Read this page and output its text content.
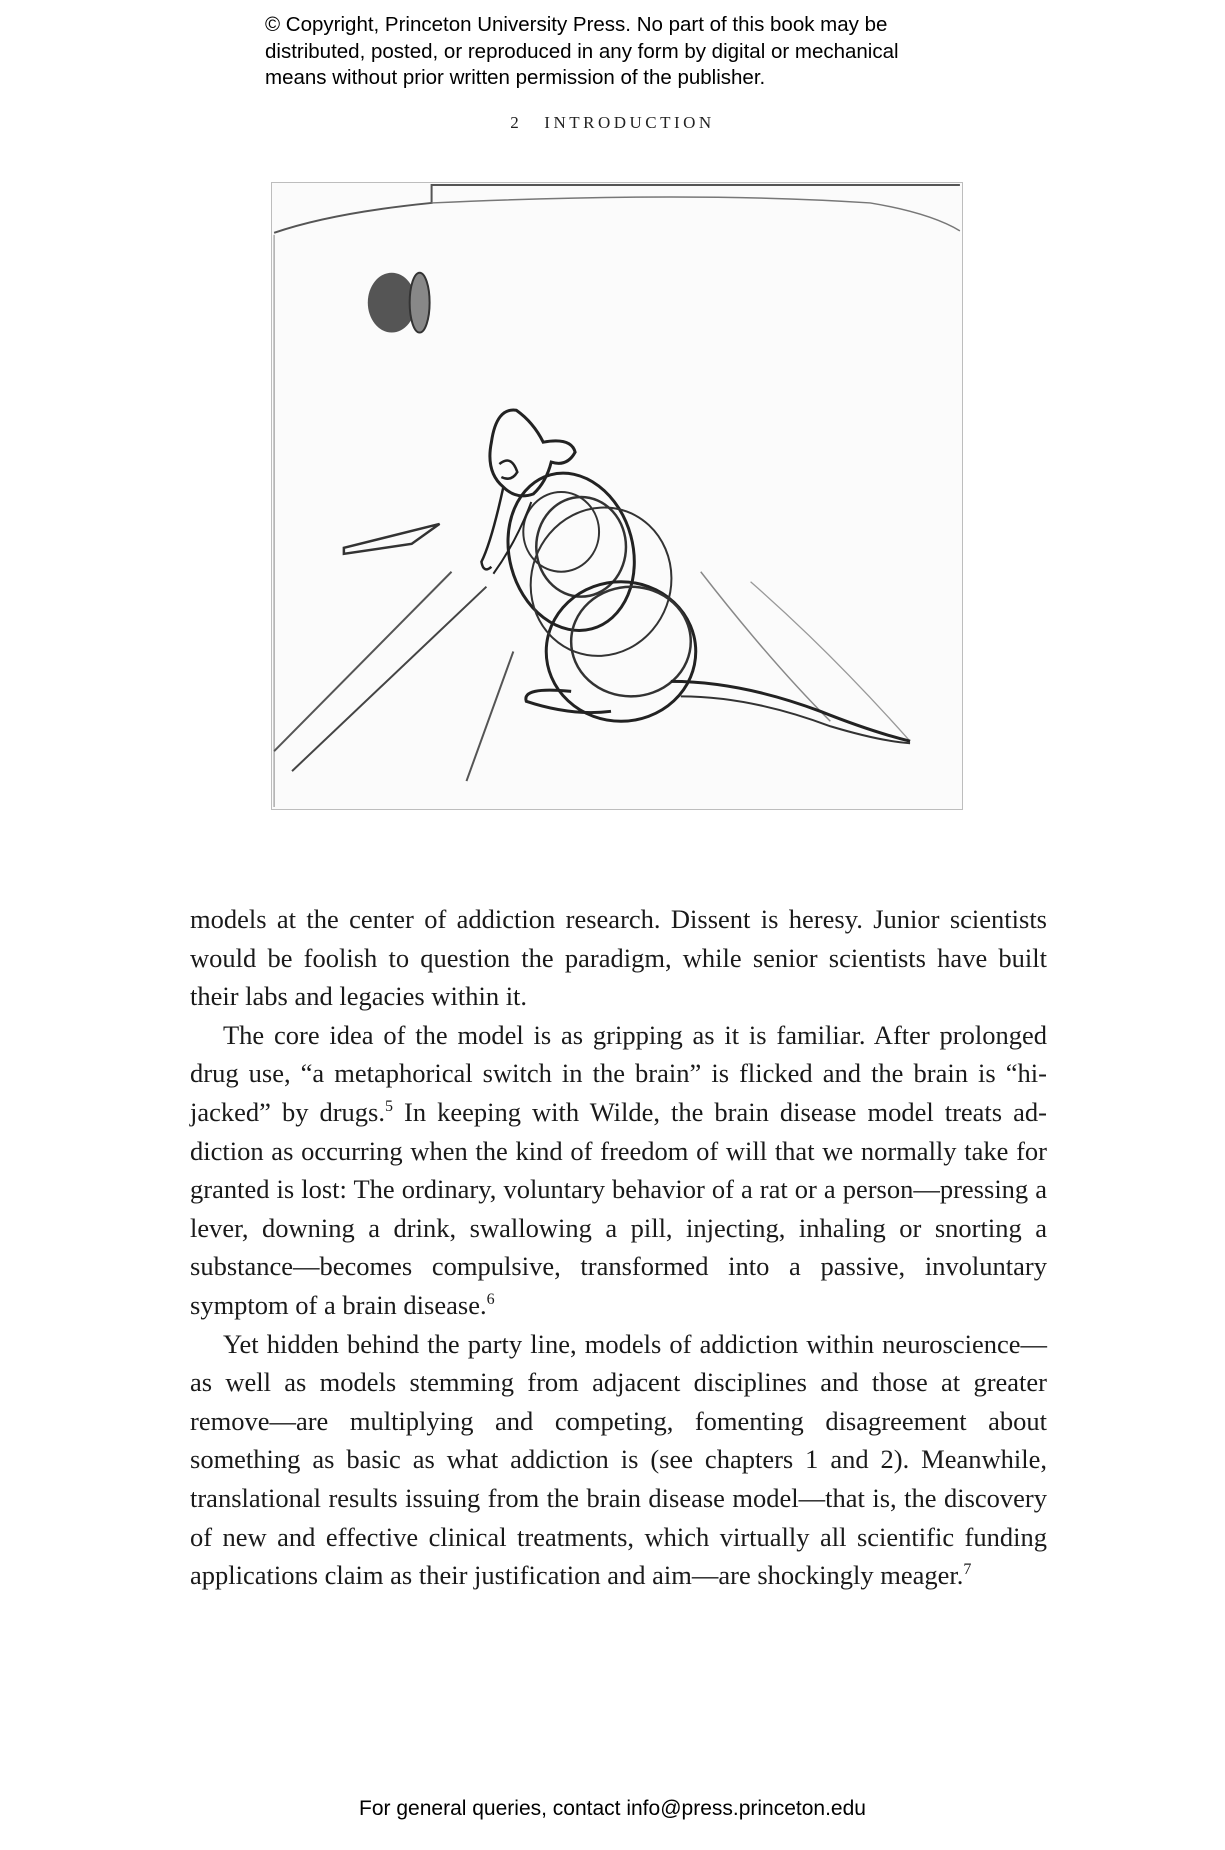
© Copyright, Princeton University Press. No part of this book may be
distributed, posted, or reproduced in any form by digital or mechanical
means without prior written permission of the publisher.
2 INTRODUCTION

models at the center of addiction research. Dissent is heresy. Junior scientists would be foolish to question the paradigm, while senior scientists have built their labs and legacies within it.

The core idea of the model is as gripping as it is familiar. After prolonged drug use, “a metaphorical switch in the brain” is flicked and the brain is “hijacked” by drugs.$^5$ In keeping with Wilde, the brain disease model treats addiction as occurring when the kind of freedom of will that we normally take for granted is lost: The ordinary, voluntary behavior of a rat or a person—pressing a lever, downing a drink, swallowing a pill, injecting, inhaling or snorting a substance—becomes compulsive, transformed into a passive, involuntary symptom of a brain disease.$^6$

Yet hidden behind the party line, models of addiction within neuroscience—as well as models stemming from adjacent disciplines and those at greater remove—are multiplying and competing, fomenting disagreement about something as basic as what addiction is (see chapters 1 and 2). Meanwhile, translational results issuing from the brain disease model—that is, the discovery of new and effective clinical treatments, which virtually all scientific funding applications claim as their justification and aim—are shockingly meager.$^7$

For general queries, contact info@press.princeton.edu
